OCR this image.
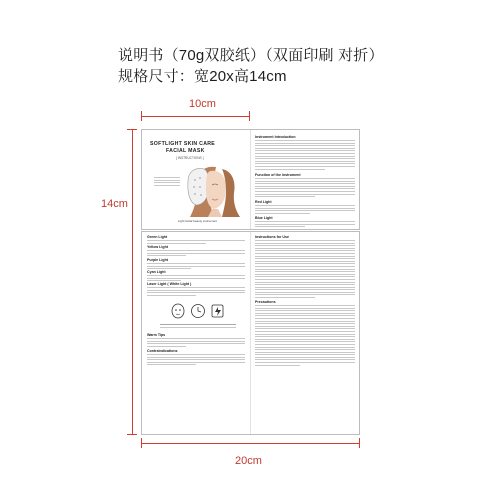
说明书（70g双胶纸）（双面印刷 对折）
规格尺寸：宽20x高14cm
10cm
14cm
20cm
SOFTLIGHT SKIN CARE
FACIAL MASK
[ INSTRUCTIONS ]
Light facial beauty instrument
Instrument Introduction
Function of the instrument
Red Light
Blue Light
Green Light
Yellow Light
Purple Light
Cyan Light
Laser Light ( White Light )
Warm Tips
Contraindications
Instructions for Use
Precautions
